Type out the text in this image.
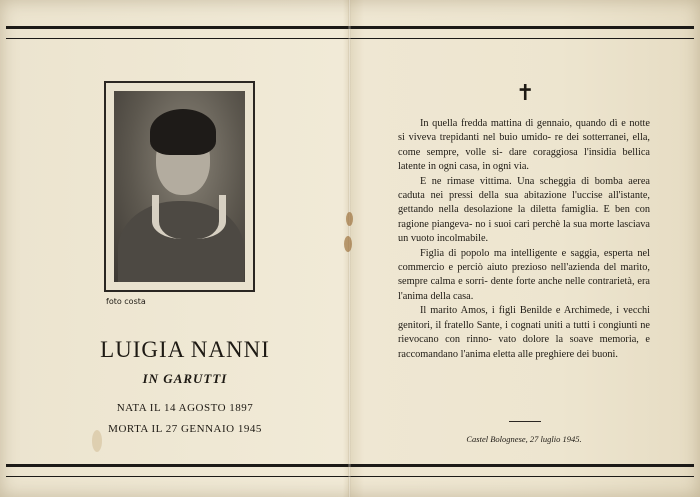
foto costa
LUIGIA NANNI
IN GARUTTI
NATA IL 14 AGOSTO 1897
MORTA IL 27 GENNAIO 1945
✝

In quella fredda mattina di gennaio, quando dì e notte si viveva trepidanti nel buio umido- re dei sotterranei, ella, come sempre, volle si- dare coraggiosa l'insidia bellica latente in ogni casa, in ogni via.

E ne rimase vittima. Una scheggia di bomba aerea caduta nei pressi della sua abitazione l'uccise all'istante, gettando nella desolazione la diletta famiglia. E ben con ragione piangeva- no i suoi cari perchè la sua morte lasciava un vuoto incolmabile.

Figlia di popolo ma intelligente e saggia, esperta nel commercio e perciò aiuto prezioso nell'azienda del marito, sempre calma e sorri- dente forte anche nelle contrarietà, era l'anima della casa.

Il marito Amos, i figli Benilde e Archimede, i vecchi genitori, il fratello Sante, i cognati uniti a tutti i congiunti ne rievocano con rinno- vato dolore la soave memoria, e raccomandano l'anima eletta alle preghiere dei buoni.

Castel Bolognese, 27 luglio 1945.
